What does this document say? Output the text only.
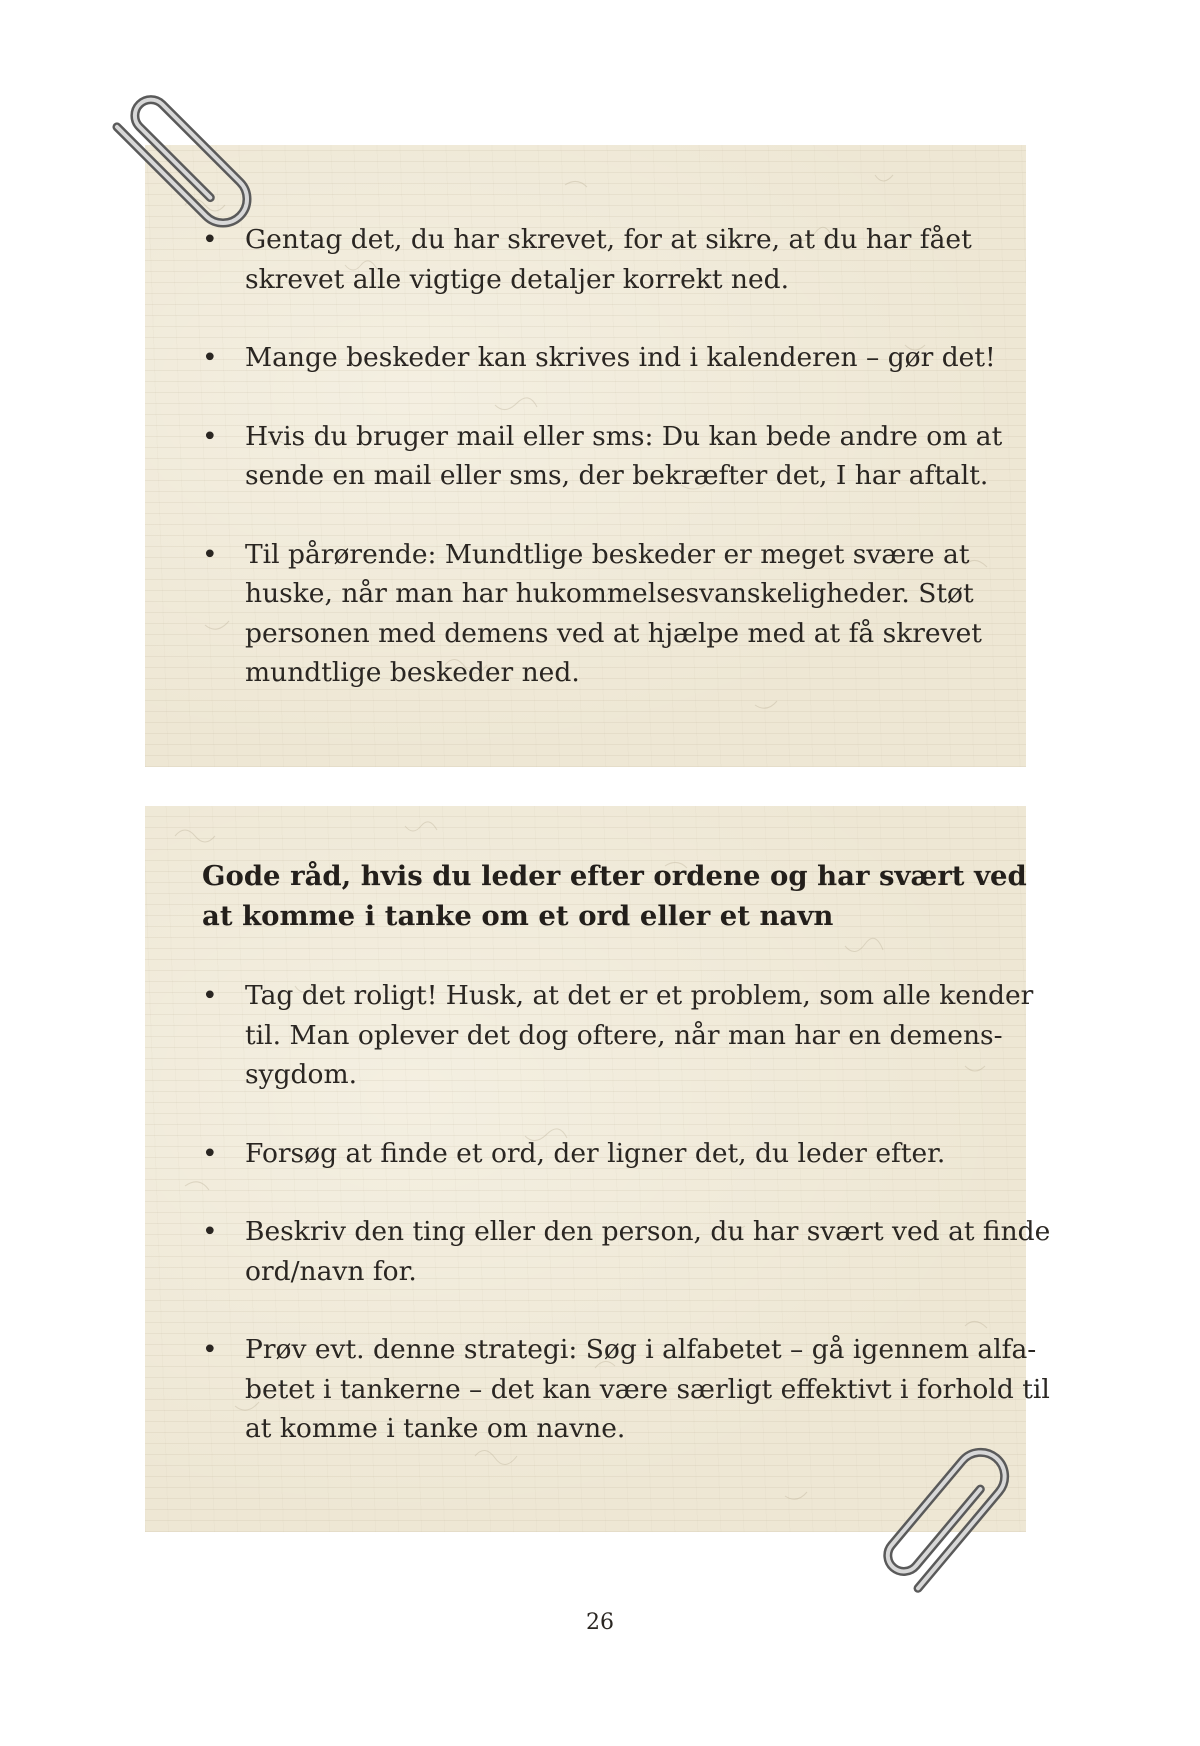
• Gentag det, du har skrevet, for at sikre, at du har fået
skrevet alle vigtige detaljer korrekt ned.
• Mange beskeder kan skrives ind i kalenderen – gør det!
• Hvis du bruger mail eller sms: Du kan bede andre om at
sende en mail eller sms, der bekræfter det, I har aftalt.
• Til pårørende: Mundtlige beskeder er meget svære at
huske, når man har hukommelsesvanskeligheder. Støt
personen med demens ved at hjælpe med at få skrevet
mundtlige beskeder ned.
Gode råd, hvis du leder efter ordene og har svært ved
at komme i tanke om et ord eller et navn
• Tag det roligt! Husk, at det er et problem, som alle kender
til. Man oplever det dog oftere, når man har en demens-
sygdom.
• Forsøg at finde et ord, der ligner det, du leder efter.
• Beskriv den ting eller den person, du har svært ved at finde
ord/navn for.
• Prøv evt. denne strategi: Søg i alfabetet – gå igennem alfa-
betet i tankerne – det kan være særligt effektivt i forhold til
at komme i tanke om navne.
26
